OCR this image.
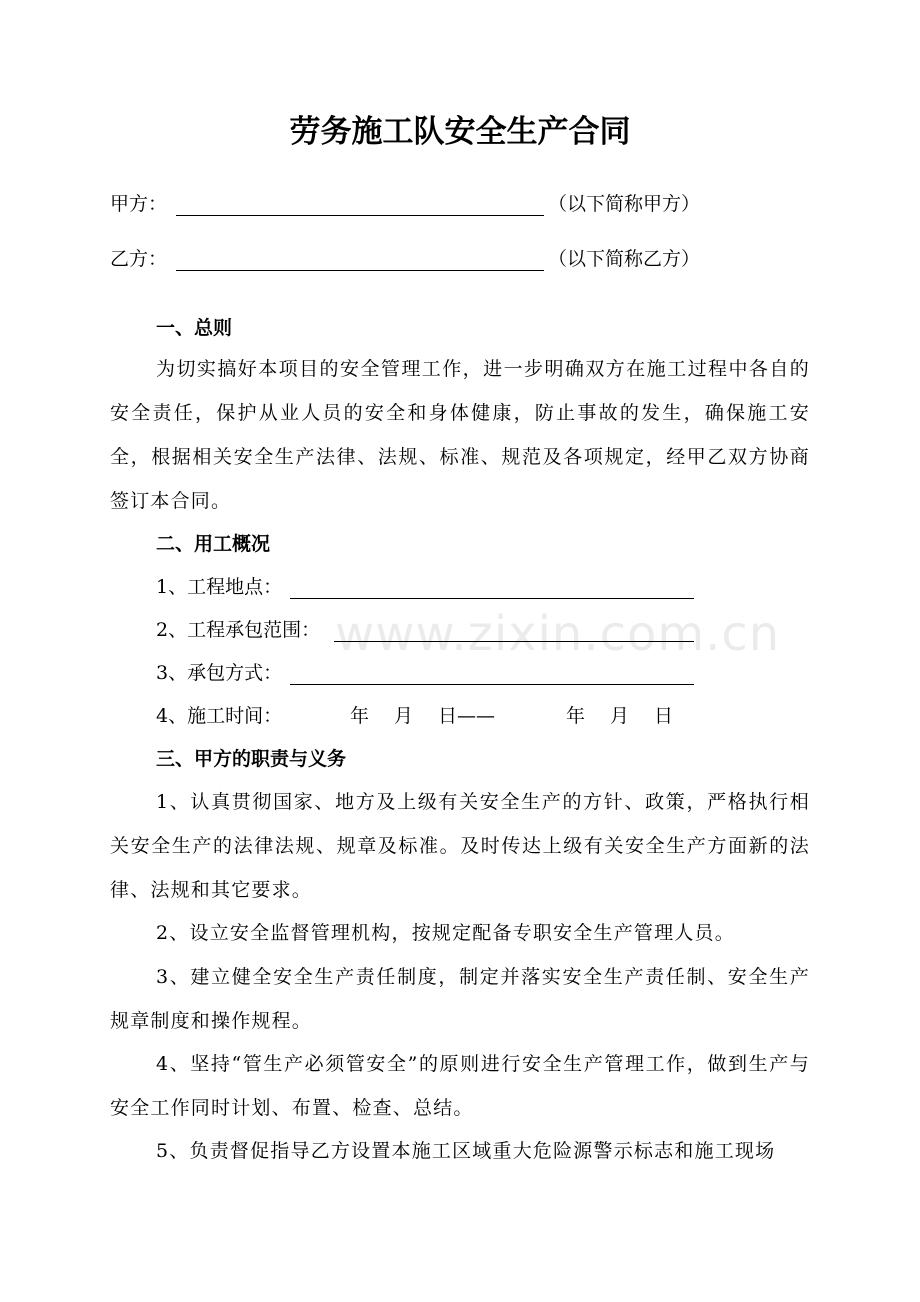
www.zixin.com.cn
劳务施工队安全生产合同
甲方：	（以下简称甲方）
乙方：	（以下简称乙方）
一、总则
为切实搞好本项目的安全管理工作，进一步明确双方在施工过程中各自的安全责任，保护从业人员的安全和身体健康，防止事故的发生，确保施工安全，根据相关安全生产法律、法规、标准、规范及各项规定，经甲乙双方协商签订本合同。
二、用工概况
1、工程地点：
2、工程承包范围：
3、承包方式：
4、施工时间：	年 月 日——	年 月 日
三、甲方的职责与义务
1、认真贯彻国家、地方及上级有关安全生产的方针、政策，严格执行相关安全生产的法律法规、规章及标准。及时传达上级有关安全生产方面新的法律、法规和其它要求。
2、设立安全监督管理机构，按规定配备专职安全生产管理人员。
3、建立健全安全生产责任制度，制定并落实安全生产责任制、安全生产规章制度和操作规程。
4、坚持“管生产必须管安全”的原则进行安全生产管理工作，做到生产与安全工作同时计划、布置、检查、总结。
5、负责督促指导乙方设置本施工区域重大危险源警示标志和施工现场
